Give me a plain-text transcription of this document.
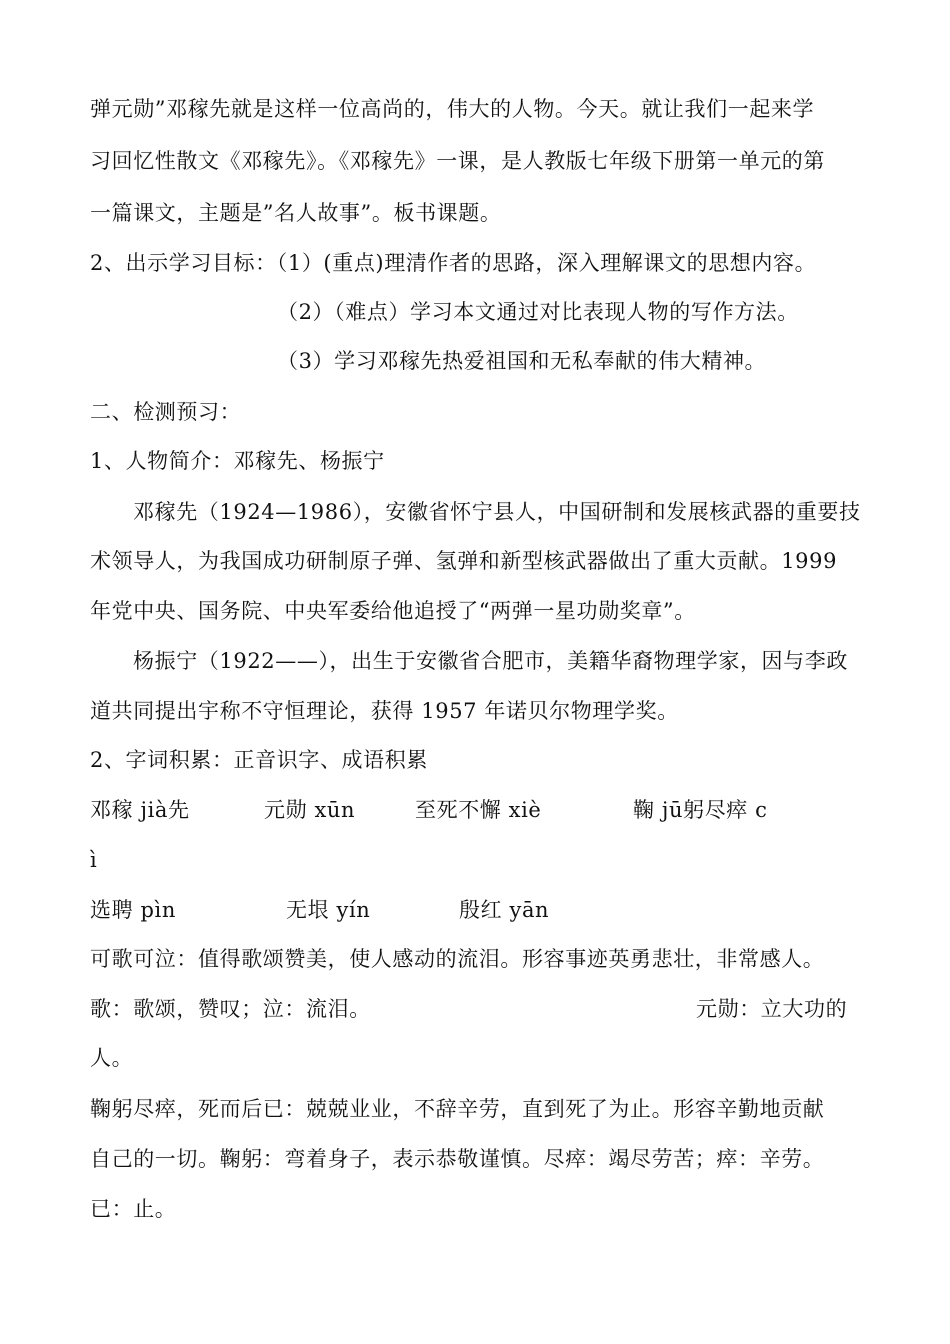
弹元勋”邓稼先就是这样一位高尚的，伟大的人物。今天。就让我们一起来学
习回忆性散文《邓稼先》。《邓稼先》一课，是人教版七年级下册第一单元的第
一篇课文，主题是”名人故事”。板书课题。
2、出示学习目标：（1）(重点)理清作者的思路，深入理解课文的思想内容。
（2）（难点）学习本文通过对比表现人物的写作方法。
（3）学习邓稼先热爱祖国和无私奉献的伟大精神。
二、检测预习：
1、人物简介：邓稼先、杨振宁
邓稼先（1924—1986），安徽省怀宁县人，中国研制和发展核武器的重要技
术领导人，为我国成功研制原子弹、氢弹和新型核武器做出了重大贡献。1999
年党中央、国务院、中央军委给他追授了“两弹一星功勋奖章”。
杨振宁（1922——），出生于安徽省合肥市，美籍华裔物理学家，因与李政
道共同提出宇称不守恒理论，获得 1957 年诺贝尔物理学奖。
2、字词积累：正音识字、成语积累
邓稼 jià先	元勋 xūn	至死不懈 xiè	鞠 jū躬尽瘁 c
ì
选聘 pìn	无垠 yín	殷红 yān
可歌可泣：值得歌颂赞美，使人感动的流泪。形容事迹英勇悲壮，非常感人。
歌：歌颂，赞叹；泣：流泪。	元勋：立大功的
人。
鞠躬尽瘁，死而后已：兢兢业业，不辞辛劳，直到死了为止。形容辛勤地贡献
自己的一切。鞠躬：弯着身子，表示恭敬谨慎。尽瘁：竭尽劳苦；瘁：辛劳。
已：止。
